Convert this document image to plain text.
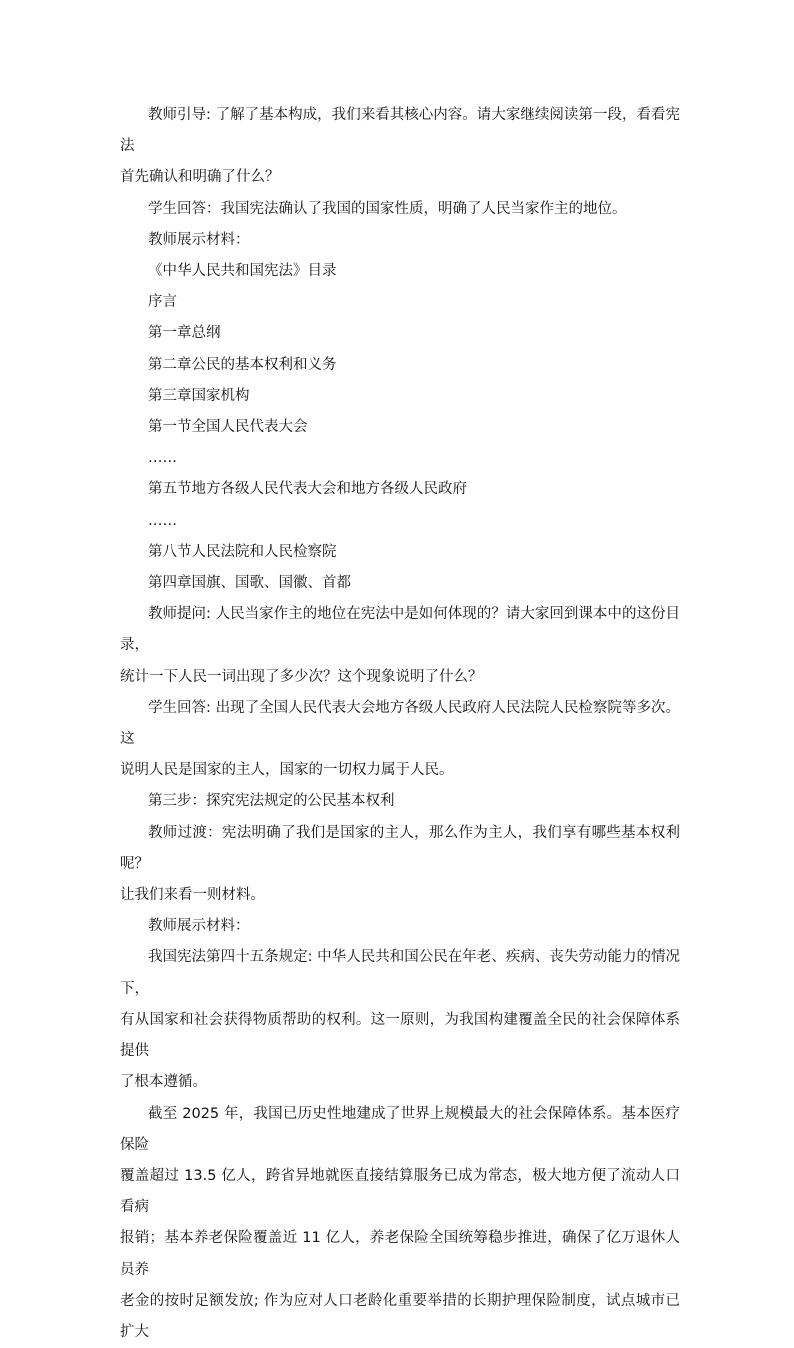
教师引导: 了解了基本构成，我们来看其核心内容。请大家继续阅读第一段，看看宪法
首先确认和明确了什么？

学生回答：我国宪法确认了我国的国家性质，明确了人民当家作主的地位。

教师展示材料：

《中华人民共和国宪法》目录

序言

第一章总纲

第二章公民的基本权利和义务

第三章国家机构

第一节全国人民代表大会

……

第五节地方各级人民代表大会和地方各级人民政府

……

第八节人民法院和人民检察院

第四章国旗、国歌、国徽、首都

教师提问: 人民当家作主的地位在宪法中是如何体现的？请大家回到课本中的这份目录，
统计一下人民一词出现了多少次？这个现象说明了什么？

学生回答: 出现了全国人民代表大会地方各级人民政府人民法院人民检察院等多次。这
说明人民是国家的主人，国家的一切权力属于人民。

第三步：探究宪法规定的公民基本权利

教师过渡：宪法明确了我们是国家的主人，那么作为主人，我们享有哪些基本权利呢？
让我们来看一则材料。

教师展示材料：

我国宪法第四十五条规定: 中华人民共和国公民在年老、疾病、丧失劳动能力的情况下，
有从国家和社会获得物质帮助的权利。这一原则，为我国构建覆盖全民的社会保障体系提供
了根本遵循。

截至 2025 年，我国已历史性地建成了世界上规模最大的社会保障体系。基本医疗保险
覆盖超过 13.5 亿人，跨省异地就医直接结算服务已成为常态，极大地方便了流动人口看病
报销；基本养老保险覆盖近 11 亿人，养老保险全国统筹稳步推进，确保了亿万退休人员养
老金的按时足额发放; 作为应对人口老龄化重要举措的长期护理保险制度，试点城市已扩大
